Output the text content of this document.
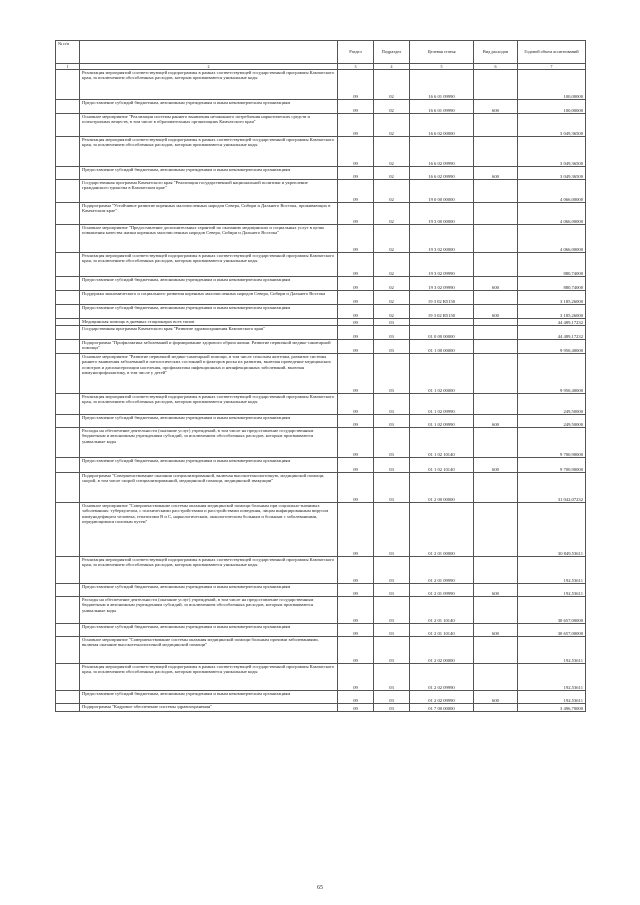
№ п/п		Раздел	Подраздел	Целевая статья	Вид расходов	Годовой объем ассигнований
1	2	3	4	5	6	7
	Реализация мероприятий соответствующей подпрограммы в рамках соответствующей государственной программы Камчатского края, за исключением обособленных расходов, которым присваиваются уникальные коды	09	02	16 6 01 09990		100,00000
	Предоставление субсидий бюджетным, автономным учреждениям и иным некоммерческим организациям	09	02	16 6 01 09990	600	100,00000
	Основное мероприятие "Реализация системы раннего выявления незаконного потребления наркотических средств и психотропных веществ, в том числе в образовательных организациях Камчатского края"	09	02	16 6 02 00000		3 049,36500
	Реализация мероприятий соответствующей подпрограммы в рамках соответствующей государственной программы Камчатского края, за исключением обособленных расходов, которым присваиваются уникальные коды	09	02	16 6 02 09990		3 049,36500
	Предоставление субсидий бюджетным, автономным учреждениям и иным некоммерческим организациям	09	02	16 6 02 09990	600	3 049,36500
	Государственная программа Камчатского края "Реализация государственной национальной политики и укрепление гражданского единства в Камчатском крае"	09	02	19 0 00 00000		4 066,00000
	Подпрограмма "Устойчивое развитие коренных малочисленных народов Севера, Сибири и Дальнего Востока, проживающих в Камчатском крае"	09	02	19 3 00 00000		4 066,00000
	Основное мероприятие "Предоставление дополнительных гарантий по оказанию медицинских и социальных услуг в целях повышения качества жизни коренных малочисленных народов Севера, Сибири и Дальнего Востока"	09	02	19 3 02 00000		4 066,00000
	Реализация мероприятий соответствующей подпрограммы в рамках соответствующей государственной программы Камчатского края, за исключением обособленных расходов, которым присваиваются уникальные коды	09	02	19 3 02 09990		880,74000
	Предоставление субсидий бюджетным, автономным учреждениям и иным некоммерческим организациям	09	02	19 3 02 09990	600	880,74000
	Поддержка экономического и социального развития коренных малочисленных народов Севера, Сибири и Дальнего Востока	09	02	19 3 02 R5150		3 185,26000
	Предоставление субсидий бюджетным, автономным учреждениям и иным некоммерческим организациям	09	02	19 3 02 R5150	600	3 185,26000
	Медицинская помощь в дневных стационарах всех типов	09	03			44 489,17232
	Государственная программа Камчатского края "Развитие здравоохранения Камчатского края"	09	03	01 0 00 00000		44 489,17232
	Подпрограмма "Профилактика заболеваний и формирование здорового образа жизни. Развитие первичной медико-санитарной помощи"	09	03	01 1 00 00000		9 950,40000
	Основное мероприятие "Развитие первичной медико-санитарной помощи, в том числе сельским жителям, развитие системы раннего выявления заболеваний и патологических состояний и факторов риска их развития, включая проведение медицинских осмотров и диспансеризации населения, профилактика инфекционных и неинфекционных заболеваний, включая иммунопрофилактику, в том числе у детей"	09	03	01 1 02 00000		9 950,40000
	Реализация мероприятий соответствующей подпрограммы в рамках соответствующей государственной программы Камчатского края, за исключением обособленных расходов, которым присваиваются уникальные коды	09	03	01 1 02 09990		249,50000
	Предоставление субсидий бюджетным, автономным учреждениям и иным некоммерческим организациям	09	03	01 1 02 09990	600	249,50000
	Расходы на обеспечение деятельности (оказание услуг) учреждений, в том числе на предоставление государственным бюджетным и автономным учреждениям субсидий, за исключением обособленных расходов, которым присваиваются уникальные коды	09	03	01 1 02 10140		9 700,90000
	Предоставление субсидий бюджетным, автономным учреждениям и иным некоммерческим организациям	09	03	01 1 02 10140	600	9 700,90000
	Подпрограмма "Совершенствование оказания специализированной, включая высокотехнологичную, медицинской помощи, скорой, в том числе скорой специализированной, медицинской помощи, медицинской эвакуации"	09	03	01 2 00 00000		31 042,07232
	Основное мероприятие "Совершенствование системы оказания медицинской помощи больным при социально-значимых заболеваниях: туберкулезом, с психическими расстройствами и расстройствами поведения, лицам инфицированным вирусом иммунодефицита человека, гепатитами B и C, наркологическим, онкологическим больным и больным с заболеваниями, передающимися половым путем"	09	03	01 2 01 00000		30 849,53611
	Реализация мероприятий соответствующей подпрограммы в рамках соответствующей государственной программы Камчатского края, за исключением обособленных расходов, которым присваиваются уникальные коды	09	03	01 2 01 09990		192,53611
	Предоставление субсидий бюджетным, автономным учреждениям и иным некоммерческим организациям	09	03	01 2 01 09990	600	192,53611
	Расходы на обеспечение деятельности (оказание услуг) учреждений, в том числе на предоставление государственным бюджетным и автономным учреждениям субсидий, за исключением обособленных расходов, которым присваиваются уникальные коды	09	03	01 2 01 10140		30 657,00000
	Предоставление субсидий бюджетным, автономным учреждениям и иным некоммерческим организациям	09	03	01 2 01 10140	600	30 657,00000
	Основное мероприятие "Совершенствование системы оказания медицинской помощи больным прочими заболеваниями, включая оказание высокотехнологичной медицинской помощи"	09	03	01 2 02 00000		192,53611
	Реализация мероприятий соответствующей подпрограммы в рамках соответствующей государственной программы Камчатского края, за исключением обособленных расходов, которым присваиваются уникальные коды	09	03	01 2 02 09990		192,53611
	Предоставление субсидий бюджетным, автономным учреждениям и иным некоммерческим организациям	09	03	01 2 02 09990	600	192,53611
	Подпрограмма "Кадровое обеспечение системы здравоохранения"	09	03	01 7 00 00000		3 496,70000
65
